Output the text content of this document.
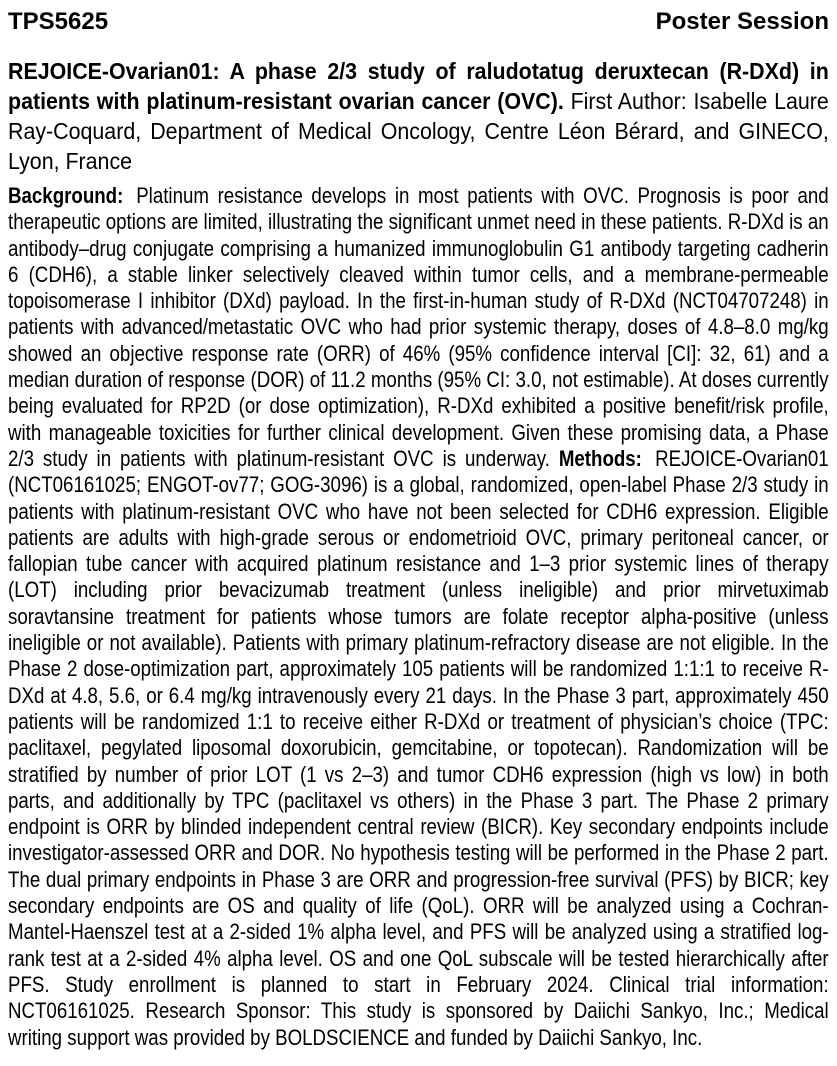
TPS5625	Poster Session

REJOICE-Ovarian01: A phase 2/3 study of raludotatug deruxtecan (R-DXd) in patients with platinum-resistant ovarian cancer (OVC). First Author: Isabelle Laure Ray-Coquard, Department of Medical Oncology, Centre Léon Bérard, and GINECO, Lyon, France

Background: Platinum resistance develops in most patients with OVC. Prognosis is poor and therapeutic options are limited, illustrating the significant unmet need in these patients. R-DXd is an antibody–drug conjugate comprising a humanized immunoglobulin G1 antibody targeting cadherin 6 (CDH6), a stable linker selectively cleaved within tumor cells, and a membrane-permeable topoisomerase I inhibitor (DXd) payload. In the first-in-human study of R-DXd (NCT04707248) in patients with advanced/metastatic OVC who had prior systemic therapy, doses of 4.8–8.0 mg/kg showed an objective response rate (ORR) of 46% (95% confidence interval [CI]: 32, 61) and a median duration of response (DOR) of 11.2 months (95% CI: 3.0, not estimable). At doses currently being evaluated for RP2D (or dose optimization), R-DXd exhibited a positive benefit/risk profile, with manageable toxicities for further clinical development. Given these promising data, a Phase 2/3 study in patients with platinum-resistant OVC is underway. Methods: REJOICE-Ovarian01 (NCT06161025; ENGOT-ov77; GOG-3096) is a global, randomized, open-label Phase 2/3 study in patients with platinum-resistant OVC who have not been selected for CDH6 expression. Eligible patients are adults with high-grade serous or endometrioid OVC, primary peritoneal cancer, or fallopian tube cancer with acquired platinum resistance and 1–3 prior systemic lines of therapy (LOT) including prior bevacizumab treatment (unless ineligible) and prior mirvetuximab soravtansine treatment for patients whose tumors are folate receptor alpha-positive (unless ineligible or not available). Patients with primary platinum-refractory disease are not eligible. In the Phase 2 dose-optimization part, approximately 105 patients will be randomized 1:1:1 to receive R-DXd at 4.8, 5.6, or 6.4 mg/kg intravenously every 21 days. In the Phase 3 part, approximately 450 patients will be randomized 1:1 to receive either R-DXd or treatment of physician’s choice (TPC: paclitaxel, pegylated liposomal doxorubicin, gemcitabine, or topotecan). Randomization will be stratified by number of prior LOT (1 vs 2–3) and tumor CDH6 expression (high vs low) in both parts, and additionally by TPC (paclitaxel vs others) in the Phase 3 part. The Phase 2 primary endpoint is ORR by blinded independent central review (BICR). Key secondary endpoints include investigator-assessed ORR and DOR. No hypothesis testing will be performed in the Phase 2 part. The dual primary endpoints in Phase 3 are ORR and progression-free survival (PFS) by BICR; key secondary endpoints are OS and quality of life (QoL). ORR will be analyzed using a Cochran-Mantel-Haenszel test at a 2-sided 1% alpha level, and PFS will be analyzed using a stratified log-rank test at a 2-sided 4% alpha level. OS and one QoL subscale will be tested hierarchically after PFS. Study enrollment is planned to start in February 2024. Clinical trial information: NCT06161025. Research Sponsor: This study is sponsored by Daiichi Sankyo, Inc.; Medical writing support was provided by BOLDSCIENCE and funded by Daiichi Sankyo, Inc.
